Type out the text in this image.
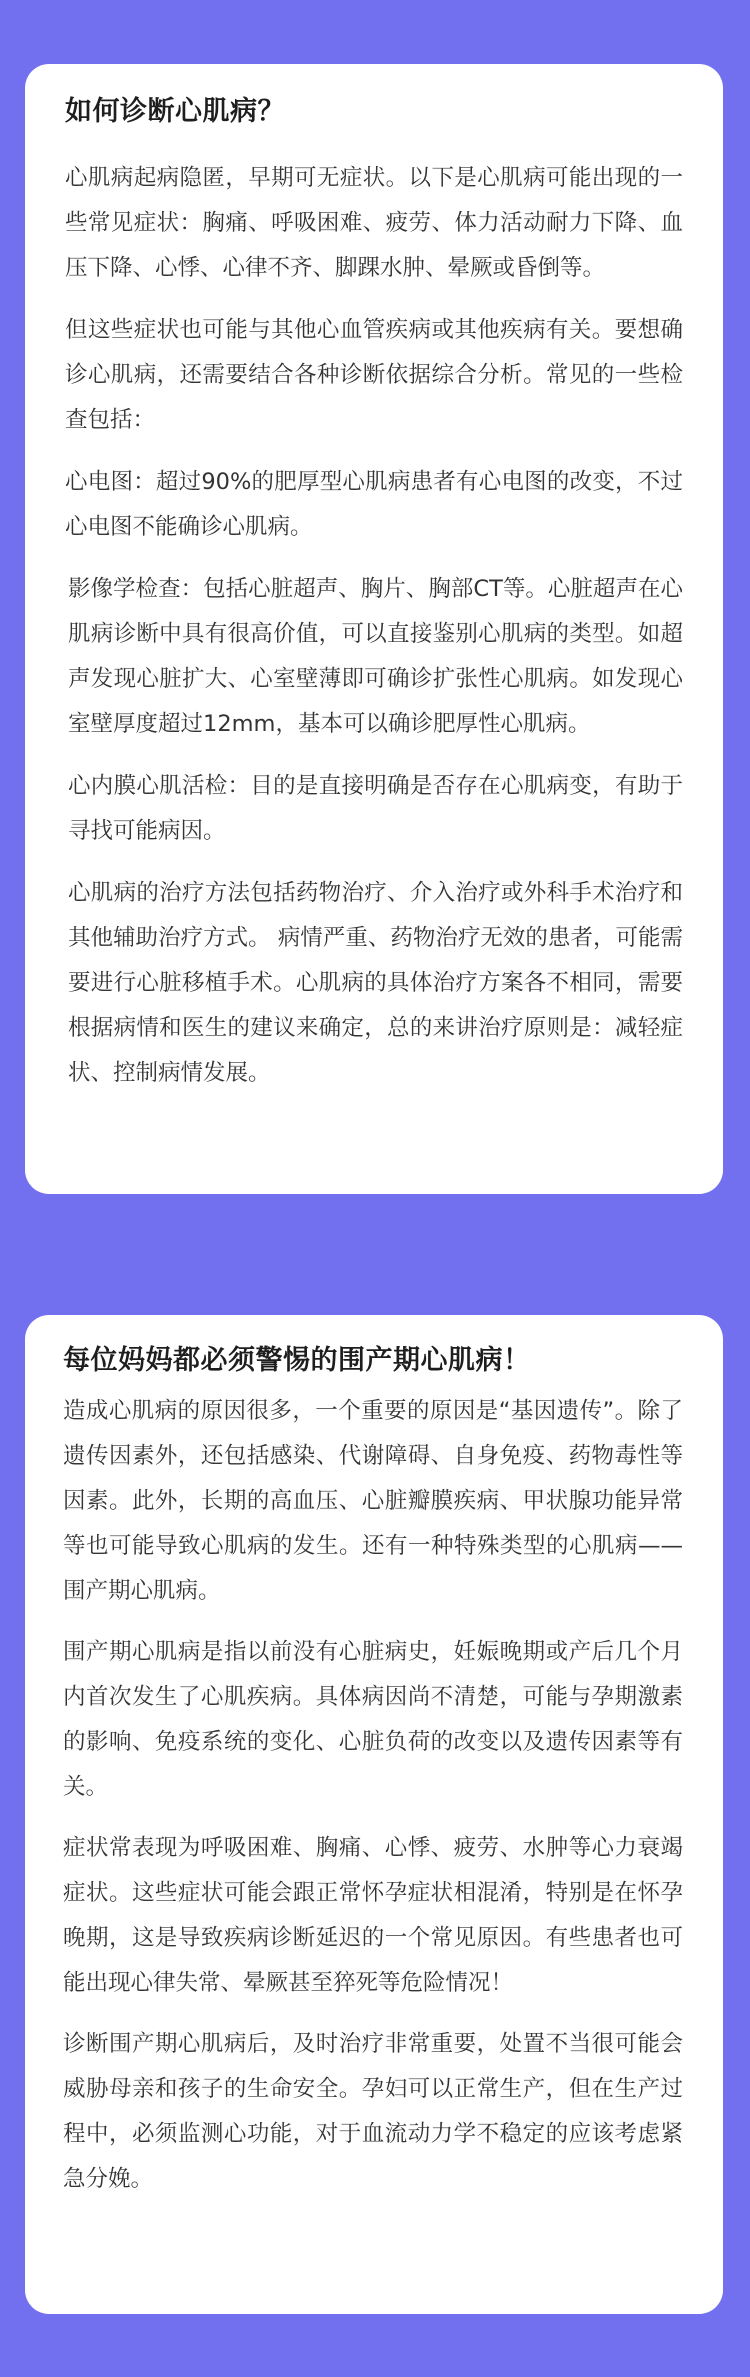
如何诊断心肌病？

心肌病起病隐匿，早期可无症状。以下是心肌病可能出现的一些常见症状：胸痛、呼吸困难、疲劳、体力活动耐力下降、血压下降、心悸、心律不齐、脚踝水肿、晕厥或昏倒等。

但这些症状也可能与其他心血管疾病或其他疾病有关。要想确诊心肌病，还需要结合各种诊断依据综合分析。常见的一些检查包括：

心电图：超过90%的肥厚型心肌病患者有心电图的改变，不过心电图不能确诊心肌病。

影像学检查：包括心脏超声、胸片、胸部CT等。心脏超声在心肌病诊断中具有很高价值，可以直接鉴别心肌病的类型。如超声发现心脏扩大、心室壁薄即可确诊扩张性心肌病。如发现心室壁厚度超过12mm，基本可以确诊肥厚性心肌病。

心内膜心肌活检：目的是直接明确是否存在心肌病变，有助于寻找可能病因。

心肌病的治疗方法包括药物治疗、介入治疗或外科手术治疗和其他辅助治疗方式。 病情严重、药物治疗无效的患者，可能需要进行心脏移植手术。心肌病的具体治疗方案各不相同，需要根据病情和医生的建议来确定，总的来讲治疗原则是：减轻症状、控制病情发展。

每位妈妈都必须警惕的围产期心肌病！

造成心肌病的原因很多，一个重要的原因是“基因遗传”。除了遗传因素外，还包括感染、代谢障碍、自身免疫、药物毒性等因素。此外，长期的高血压、心脏瓣膜疾病、甲状腺功能异常等也可能导致心肌病的发生。还有一种特殊类型的心肌病——围产期心肌病。

围产期心肌病是指以前没有心脏病史，妊娠晚期或产后几个月内首次发生了心肌疾病。具体病因尚不清楚，可能与孕期激素的影响、免疫系统的变化、心脏负荷的改变以及遗传因素等有关。

症状常表现为呼吸困难、胸痛、心悸、疲劳、水肿等心力衰竭症状。这些症状可能会跟正常怀孕症状相混淆，特别是在怀孕晚期，这是导致疾病诊断延迟的一个常见原因。有些患者也可能出现心律失常、晕厥甚至猝死等危险情况！

诊断围产期心肌病后，及时治疗非常重要，处置不当很可能会威胁母亲和孩子的生命安全。孕妇可以正常生产，但在生产过程中，必须监测心功能，对于血流动力学不稳定的应该考虑紧急分娩。
